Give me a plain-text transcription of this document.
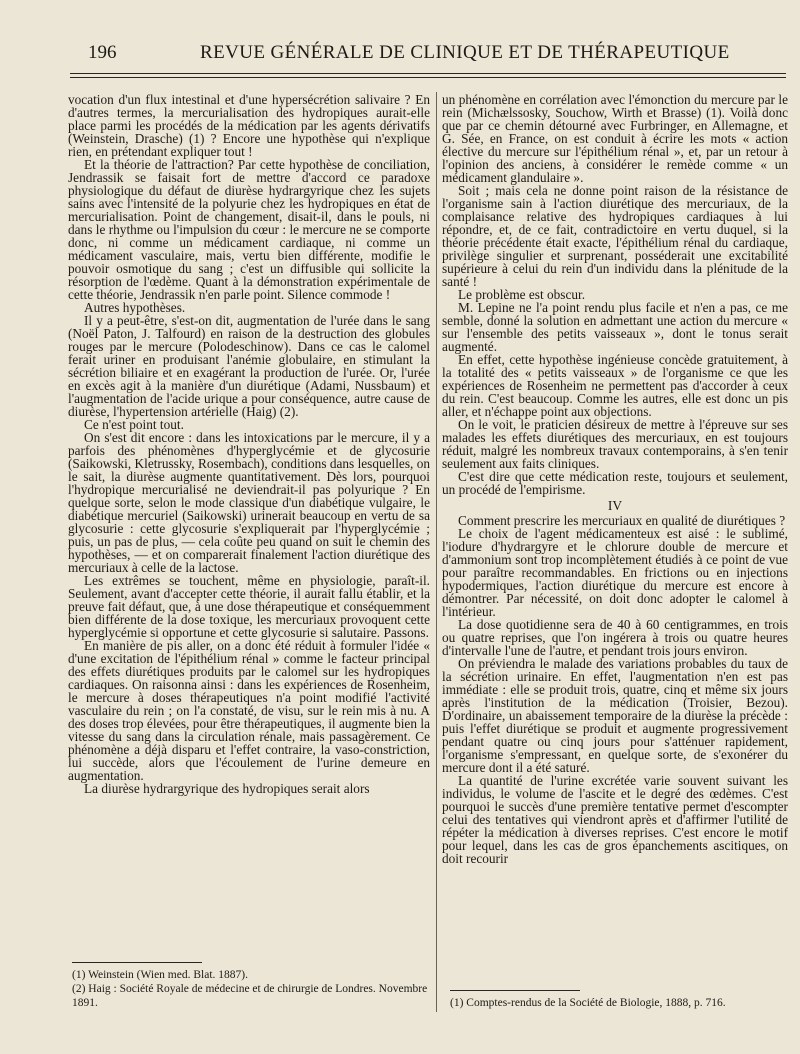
196	REVUE GÉNÉRALE DE CLINIQUE ET DE THÉRAPEUTIQUE

vocation d'un flux intestinal et d'une hypersécrétion salivaire ? En d'autres termes, la mercurialisation des hydropiques aurait-elle place parmi les procédés de la médication par les agents dérivatifs (Weinstein, Drasche) (1) ? Encore une hypothèse qui n'explique rien, en prétendant expliquer tout !

Et la théorie de l'attraction? Par cette hypothèse de conciliation, Jendrassik se faisait fort de mettre d'accord ce paradoxe physiologique du défaut de diurèse hydrargyrique chez les sujets sains avec l'intensité de la polyurie chez les hydropiques en état de mercurialisation. Point de changement, disait-il, dans le pouls, ni dans le rhythme ou l'impulsion du cœur : le mercure ne se comporte donc, ni comme un médicament cardiaque, ni comme un médicament vasculaire, mais, vertu bien différente, modifie le pouvoir osmotique du sang ; c'est un diffusible qui sollicite la résorption de l'œdème. Quant à la démonstration expérimentale de cette théorie, Jendrassik n'en parle point. Silence commode !

Autres hypothèses.

Il y a peut-être, s'est-on dit, augmentation de l'urée dans le sang (Noël Paton, J. Talfourd) en raison de la destruction des globules rouges par le mercure (Polodeschinow). Dans ce cas le calomel ferait uriner en produisant l'anémie globulaire, en stimulant la sécrétion biliaire et en exagérant la production de l'urée. Or, l'urée en excès agit à la manière d'un diurétique (Adami, Nussbaum) et l'augmentation de l'acide urique a pour conséquence, autre cause de diurèse, l'hypertension artérielle (Haig) (2).

Ce n'est point tout.

On s'est dit encore : dans les intoxications par le mercure, il y a parfois des phénomènes d'hyperglycémie et de glycosurie (Saikowski, Kletrussky, Rosembach), conditions dans lesquelles, on le sait, la diurèse augmente quantitativement. Dès lors, pourquoi l'hydropique mercurialisé ne deviendrait-il pas polyurique ? En quelque sorte, selon le mode classique d'un diabétique vulgaire, le diabétique mercuriel (Saikowski) urinerait beaucoup en vertu de sa glycosurie : cette glycosurie s'expliquerait par l'hyperglycémie ; puis, un pas de plus, — cela coûte peu quand on suit le chemin des hypothèses, — et on comparerait finalement l'action diurétique des mercuriaux à celle de la lactose.

Les extrêmes se touchent, même en physiologie, paraît-il. Seulement, avant d'accepter cette théorie, il aurait fallu établir, et la preuve fait défaut, que, à une dose thérapeutique et conséquemment bien différente de la dose toxique, les mercuriaux provoquent cette hyperglycémie si opportune et cette glycosurie si salutaire. Passons.

En manière de pis aller, on a donc été réduit à formuler l'idée « d'une excitation de l'épithélium rénal » comme le facteur principal des effets diurétiques produits par le calomel sur les hydropiques cardiaques. On raisonna ainsi : dans les expériences de Rosenheim, le mercure à doses thérapeutiques n'a point modifié l'activité vasculaire du rein ; on l'a constaté, de visu, sur le rein mis à nu. A des doses trop élevées, pour être thérapeutiques, il augmente bien la vitesse du sang dans la circulation rénale, mais passagèrement. Ce phénomène a déjà disparu et l'effet contraire, la vaso-constriction, lui succède, alors que l'écoulement de l'urine demeure en augmentation.

La diurèse hydrargyrique des hydropiques serait alors

un phénomène en corrélation avec l'émonction du mercure par le rein (Michælssosky, Souchow, Wirth et Brasse) (1). Voilà donc que par ce chemin détourné avec Furbringer, en Allemagne, et G. Sée, en France, on est conduit à écrire les mots « action élective du mercure sur l'épithélium rénal », et, par un retour à l'opinion des anciens, à considérer le remède comme « un médicament glandulaire ».

Soit ; mais cela ne donne point raison de la résistance de l'organisme sain à l'action diurétique des mercuriaux, de la complaisance relative des hydropiques cardiaques à lui répondre, et, de ce fait, contradictoire en vertu duquel, si la théorie précédente était exacte, l'épithélium rénal du cardiaque, privilège singulier et surprenant, posséderait une excitabilité supérieure à celui du rein d'un individu dans la plénitude de la santé !

Le problème est obscur.

M. Lepine ne l'a point rendu plus facile et n'en a pas, ce me semble, donné la solution en admettant une action du mercure « sur l'ensemble des petits vaisseaux », dont le tonus serait augmenté.

En effet, cette hypothèse ingénieuse concède gratuitement, à la totalité des « petits vaisseaux » de l'organisme ce que les expériences de Rosenheim ne permettent pas d'accorder à ceux du rein. C'est beaucoup. Comme les autres, elle est donc un pis aller, et n'échappe point aux objections.

On le voit, le praticien désireux de mettre à l'épreuve sur ses malades les effets diurétiques des mercuriaux, en est toujours réduit, malgré les nombreux travaux contemporains, à s'en tenir seulement aux faits cliniques.

C'est dire que cette médication reste, toujours et seulement, un procédé de l'empirisme.

IV

Comment prescrire les mercuriaux en qualité de diurétiques ?

Le choix de l'agent médicamenteux est aisé : le sublimé, l'iodure d'hydrargyre et le chlorure double de mercure et d'ammonium sont trop incomplètement étudiés à ce point de vue pour paraître recommandables. En frictions ou en injections hypodermiques, l'action diurétique du mercure est encore à démontrer. Par nécessité, on doit donc adopter le calomel à l'intérieur.

La dose quotidienne sera de 40 à 60 centigrammes, en trois ou quatre reprises, que l'on ingérera à trois ou quatre heures d'intervalle l'une de l'autre, et pendant trois jours environ.

On préviendra le malade des variations probables du taux de la sécrétion urinaire. En effet, l'augmentation n'en est pas immédiate : elle se produit trois, quatre, cinq et même six jours après l'institution de la médication (Troisier, Bezou). D'ordinaire, un abaissement temporaire de la diurèse la précède : puis l'effet diurétique se produit et augmente progressivement pendant quatre ou cinq jours pour s'atténuer rapidement, l'organisme s'empressant, en quelque sorte, de s'exonérer du mercure dont il a été saturé.

La quantité de l'urine excrétée varie souvent suivant les individus, le volume de l'ascite et le degré des œdèmes. C'est pourquoi le succès d'une première tentative permet d'escompter celui des tentatives qui viendront après et d'affirmer l'utilité de répéter la médication à diverses reprises. C'est encore le motif pour lequel, dans les cas de gros épanchements ascitiques, on doit recourir

(1) Weinstein (Wien med. Blat. 1887).
(2) Haig : Société Royale de médecine et de chirurgie de Londres. Novembre 1891.	(1) Comptes-rendus de la Société de Biologie, 1888, p. 716.
